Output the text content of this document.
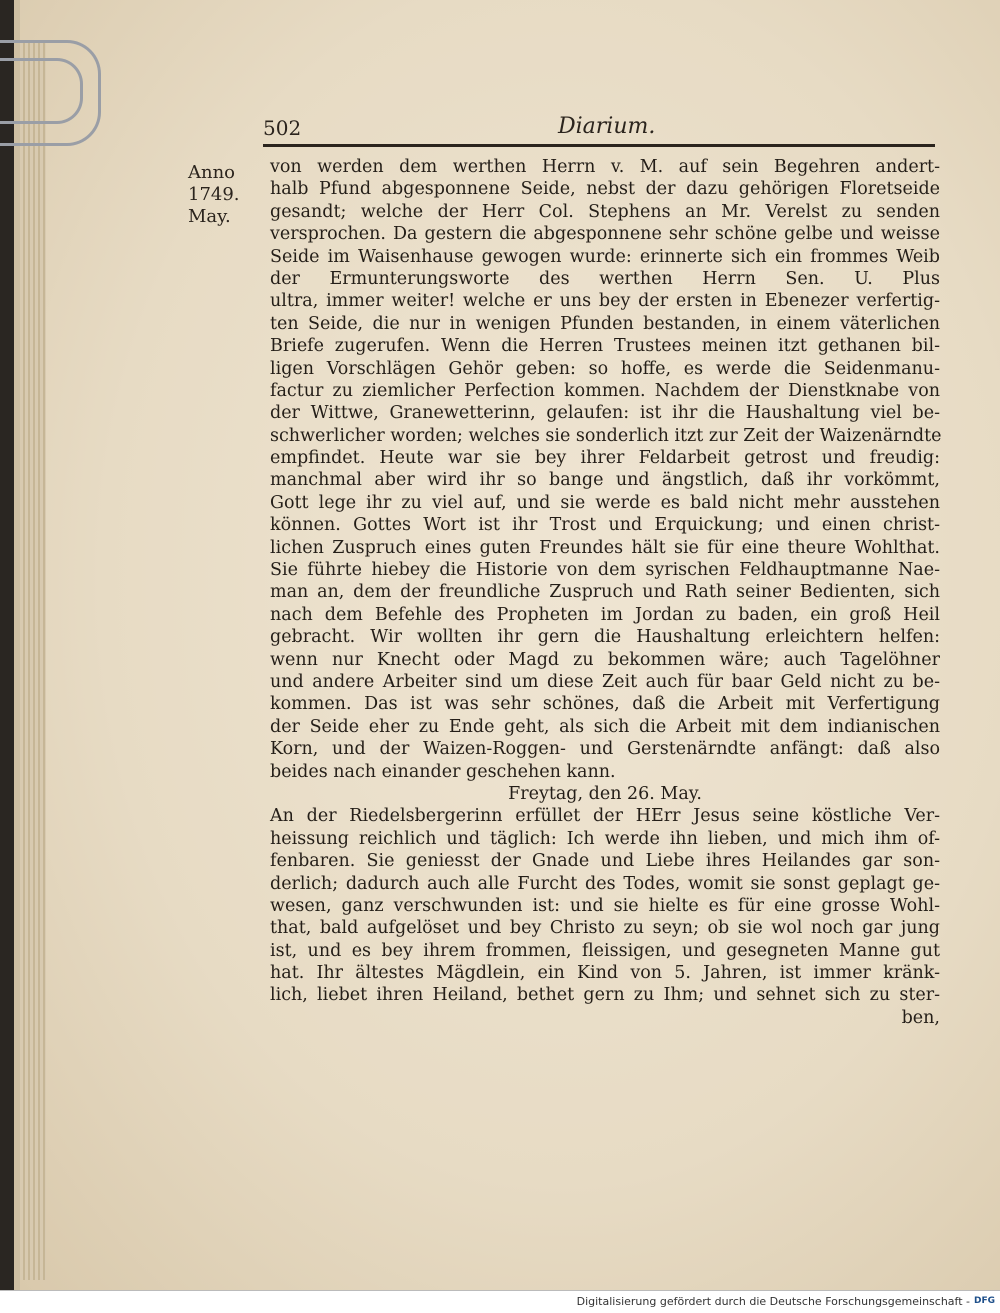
502	Diarium.
Anno
1749.
May.
von werden dem werthen Herrn v. M. auf sein Begehren andert-
halb Pfund abgesponnene Seide, nebst der dazu gehörigen Floretseide
gesandt; welche der Herr Col. Stephens an Mr. Verelst zu senden
versprochen. Da gestern die abgesponnene sehr schöne gelbe und weisse
Seide im Waisenhause gewogen wurde: erinnerte sich ein frommes Weib
der Ermunterungsworte des werthen Herrn Sen. U. Plus
ultra, immer weiter! welche er uns bey der ersten in Ebenezer verfertig-
ten Seide, die nur in wenigen Pfunden bestanden, in einem väterlichen
Briefe zugerufen. Wenn die Herren Trustees meinen itzt gethanen bil-
ligen Vorschlägen Gehör geben: so hoffe, es werde die Seidenmanu-
factur zu ziemlicher Perfection kommen. Nachdem der Dienstknabe von
der Wittwe, Granewetterinn, gelaufen: ist ihr die Haushaltung viel be-
schwerlicher worden; welches sie sonderlich itzt zur Zeit der Waizenärndte
empfindet. Heute war sie bey ihrer Feldarbeit getrost und freudig:
manchmal aber wird ihr so bange und ängstlich, daß ihr vorkömmt,
Gott lege ihr zu viel auf, und sie werde es bald nicht mehr ausstehen
können. Gottes Wort ist ihr Trost und Erquickung; und einen christ-
lichen Zuspruch eines guten Freundes hält sie für eine theure Wohlthat.
Sie führte hiebey die Historie von dem syrischen Feldhauptmanne Nae-
man an, dem der freundliche Zuspruch und Rath seiner Bedienten, sich
nach dem Befehle des Propheten im Jordan zu baden, ein groß Heil
gebracht. Wir wollten ihr gern die Haushaltung erleichtern helfen:
wenn nur Knecht oder Magd zu bekommen wäre; auch Tagelöhner
und andere Arbeiter sind um diese Zeit auch für baar Geld nicht zu be-
kommen. Das ist was sehr schönes, daß die Arbeit mit Verfertigung
der Seide eher zu Ende geht, als sich die Arbeit mit dem indianischen
Korn, und der Waizen-Roggen- und Gerstenärndte anfängt: daß also
beides nach einander geschehen kann.
Freytag, den 26. May.
An der Riedelsbergerinn erfüllet der HErr Jesus seine köstliche Ver-
heissung reichlich und täglich: Ich werde ihn lieben, und mich ihm of-
fenbaren. Sie geniesst der Gnade und Liebe ihres Heilandes gar son-
derlich; dadurch auch alle Furcht des Todes, womit sie sonst geplagt ge-
wesen, ganz verschwunden ist: und sie hielte es für eine grosse Wohl-
that, bald aufgelöset und bey Christo zu seyn; ob sie wol noch gar jung
ist, und es bey ihrem frommen, fleissigen, und gesegneten Manne gut
hat. Ihr ältestes Mägdlein, ein Kind von 5. Jahren, ist immer kränk-
lich, liebet ihren Heiland, bethet gern zu Ihm; und sehnet sich zu ster-
ben,
Digitalisierung gefördert durch die Deutsche Forschungsgemeinschaft - DFG
